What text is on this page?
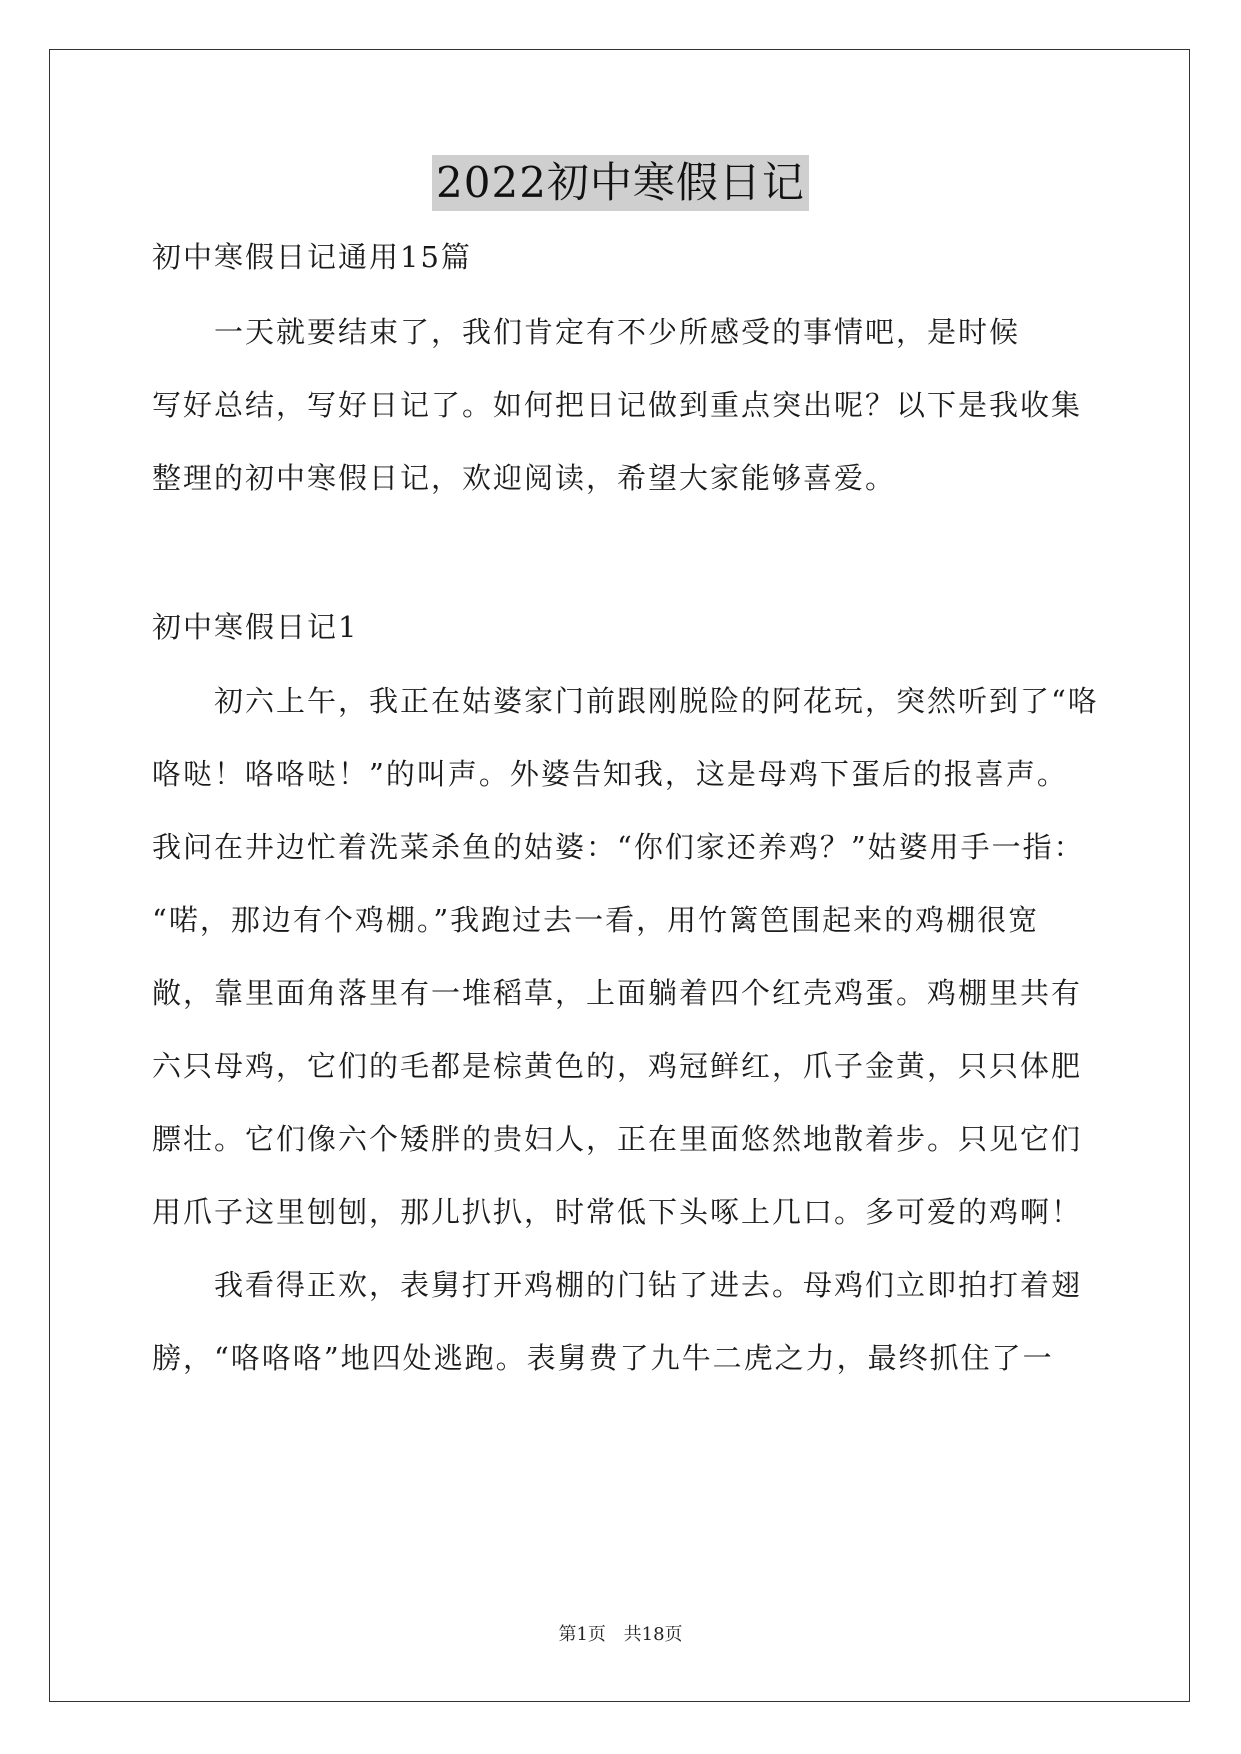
2022初中寒假日记
初中寒假日记通用15篇
　　一天就要结束了，我们肯定有不少所感受的事情吧，是时候
写好总结，写好日记了。如何把日记做到重点突出呢？以下是我收集
整理的初中寒假日记，欢迎阅读，希望大家能够喜爱。
初中寒假日记1
　　初六上午，我正在姑婆家门前跟刚脱险的阿花玩，突然听到了“咯
咯哒！咯咯哒！”的叫声。外婆告知我，这是母鸡下蛋后的报喜声。
我问在井边忙着洗菜杀鱼的姑婆：“你们家还养鸡？”姑婆用手一指：
“喏，那边有个鸡棚。”我跑过去一看，用竹篱笆围起来的鸡棚很宽
敞，靠里面角落里有一堆稻草，上面躺着四个红壳鸡蛋。鸡棚里共有
六只母鸡，它们的毛都是棕黄色的，鸡冠鲜红，爪子金黄，只只体肥
膘壮。它们像六个矮胖的贵妇人，正在里面悠然地散着步。只见它们
用爪子这里刨刨，那儿扒扒，时常低下头啄上几口。多可爱的鸡啊！
　　我看得正欢，表舅打开鸡棚的门钻了进去。母鸡们立即拍打着翅
膀，“咯咯咯”地四处逃跑。表舅费了九牛二虎之力，最终抓住了一
第1页 共18页
